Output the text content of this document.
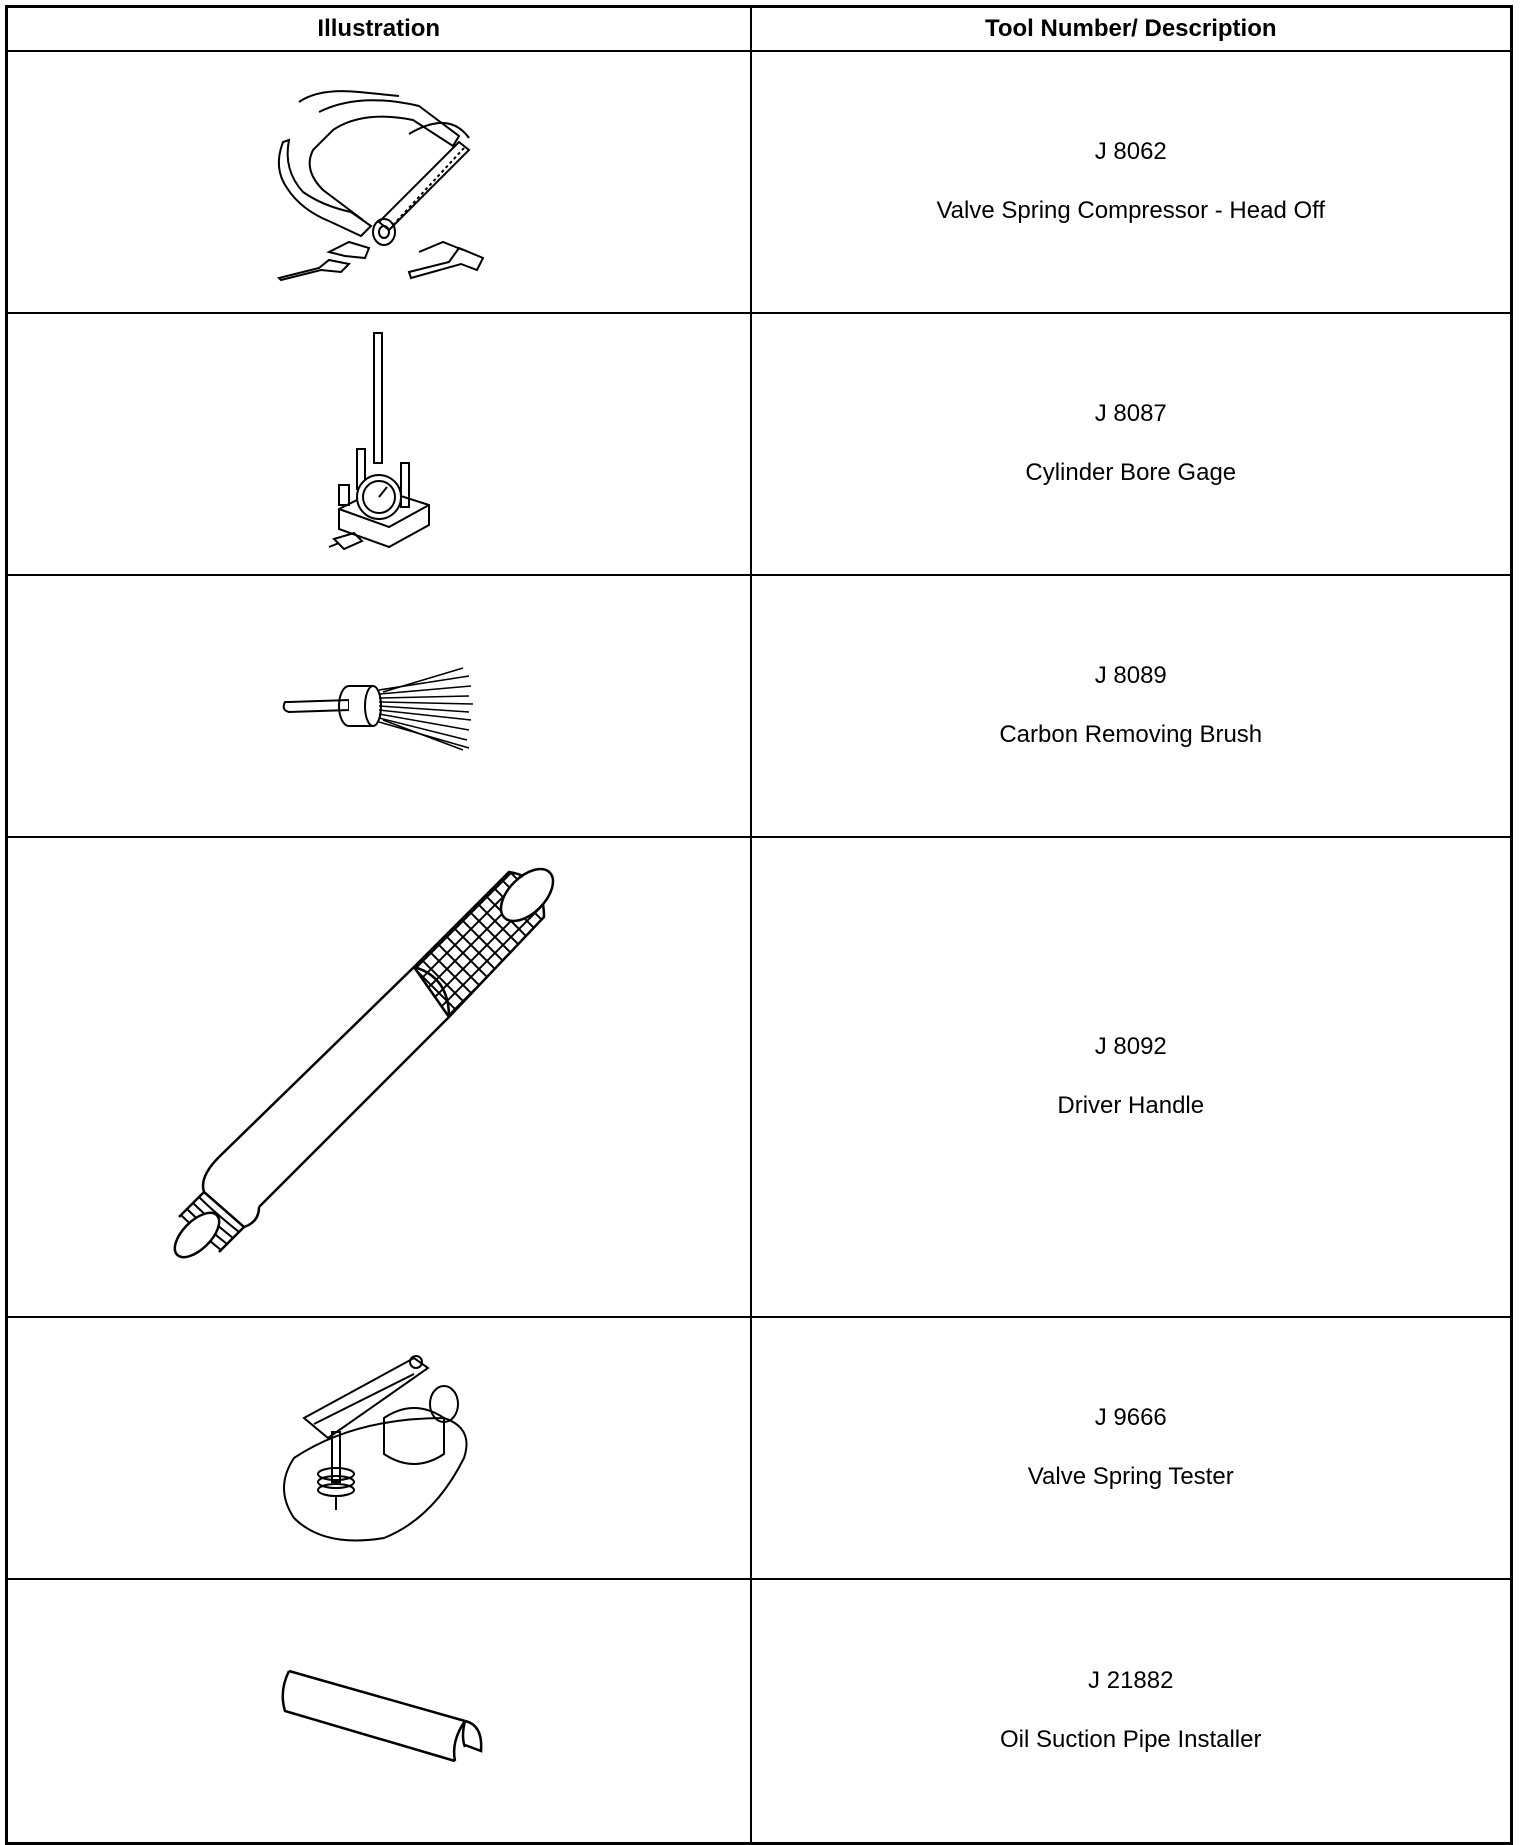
Illustration	Tool Number/ Description

J 8062
Valve Spring Compressor - Head Off

J 8087
Cylinder Bore Gage

J 8089
Carbon Removing Brush

J 8092
Driver Handle

J 9666
Valve Spring Tester

J 21882
Oil Suction Pipe Installer
